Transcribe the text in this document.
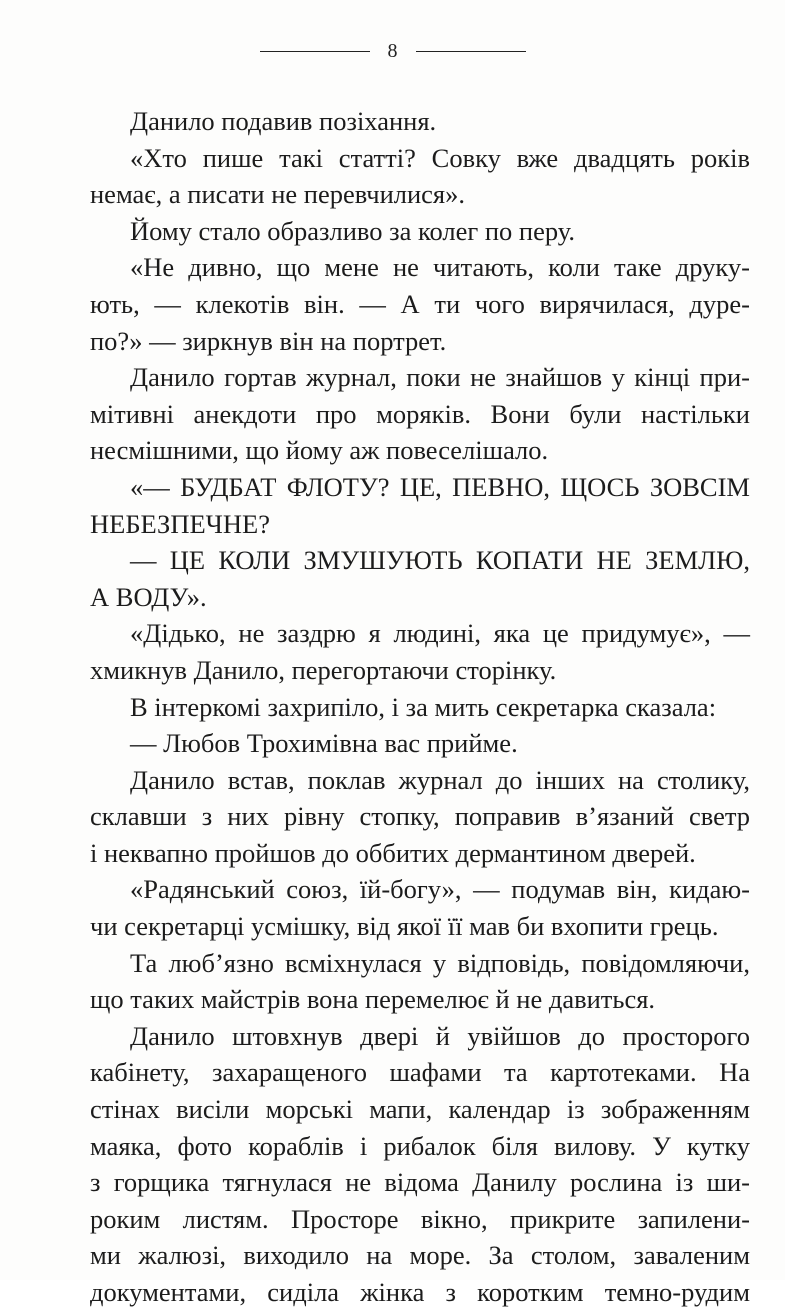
8
Данило подавив позіхання.
«Хто пише такі статті? Совку вже двадцять років
немає, а писати не перевчилися».
Йому стало образливо за колег по перу.
«Не дивно, що мене не читають, коли таке друку-
ють, — клекотів він. — А ти чого вирячилася, дуре-
по?» — зиркнув він на портрет.
Данило гортав журнал, поки не знайшов у кінці при-
мітивні анекдоти про моряків. Вони були настільки
несмішними, що йому аж повеселішало.
«— БУДБАТ ФЛОТУ? ЦЕ, ПЕВНО, ЩОСЬ ЗОВСІМ
НЕБЕЗПЕЧНЕ?
— ЦЕ КОЛИ ЗМУШУЮТЬ КОПАТИ НЕ ЗЕМЛЮ,
А ВОДУ».
«Дідько, не заздрю я людині, яка це придумує», —
хмикнув Данило, перегортаючи сторінку.
В інтеркомі захрипіло, і за мить секретарка сказала:
— Любов Трохимівна вас прийме.
Данило встав, поклав журнал до інших на столику,
склавши з них рівну стопку, поправив в’язаний светр
і неквапно пройшов до оббитих дермантином дверей.
«Радянський союз, їй-богу», — подумав він, кидаю-
чи секретарці усмішку, від якої її мав би вхопити грець.
Та люб’язно всміхнулася у відповідь, повідомляючи,
що таких майстрів вона перемелює й не давиться.
Данило штовхнув двері й увійшов до просторого
кабінету, захаращеного шафами та картотеками. На
стінах висіли морські мапи, календар із зображенням
маяка, фото кораблів і рибалок біля вилову. У кутку
з горщика тягнулася не відома Данилу рослина із ши-
роким листям. Просторе вікно, прикрите запилени-
ми жалюзі, виходило на море. За столом, заваленим
документами, сиділа жінка з коротким темно-рудим
